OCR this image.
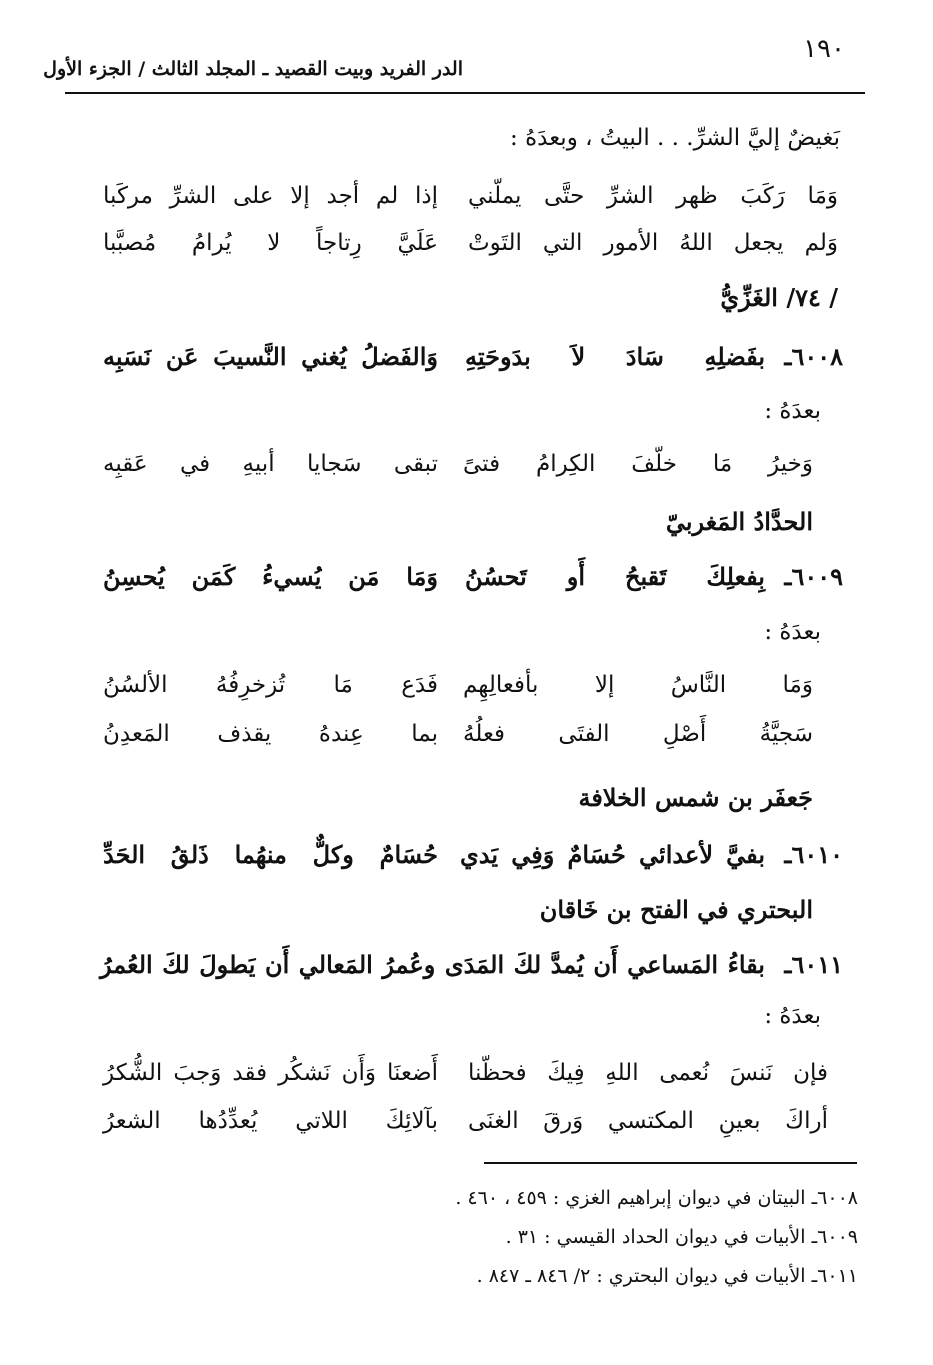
١٩٠
الدر الفريد وبيت القصيد ـ المجلد الثالث / الجزء الأول
بَغيضٌ إليَّ الشرِّ. . . البيتُ ، وبعدَهُ :
وَمَا رَكَبَ ظهر الشرِّ حتَّى يملّني
إذا لم أجد إلا على الشرِّ مركَبا
وَلم يجعل اللهُ الأمور التي التَوتْ
عَلَيَّ رِتاجاً لا يُرامُ مُصبَّبا
/ ٧٤/ الغَزِّيُّ
٦٠٠٨ـ
بفَضلِهِ سَادَ لاَ بدَوحَتِهِ
وَالفَضلُ يُغني النَّسيبَ عَن نَسَبِه
بعدَهُ :
وَخيرُ مَا خلّفَ الكِرامُ فتىً
تبقى سَجايا أبيهِ في عَقبِه
الحدَّادُ المَغربيّ
٦٠٠٩ـ
بِفعلِكَ تَقبحُ أَو تَحسُنُ
وَمَا مَن يُسيءُ كَمَن يُحسِنُ
بعدَهُ :
وَمَا النَّاسُ إلا بأفعالِهِم
فَدَع مَا تُزخرِفُهُ الألسُنُ
سَجيَّةُ أَصْلِ الفتَى فعلُهُ
بما عِندهُ يقذف المَعدِنُ
جَعفَر بن شمس الخلافة
٦٠١٠ـ
بفيَّ لأعدائي حُسَامٌ وَفِي يَدي
حُسَامٌ وكلٌّ منهُما ذَلقُ الحَدِّ
البحتري في الفتح بن خَاقان
٦٠١١ـ
بقاءُ المَساعي أَن يُمدَّ لكَ المَدَى وعُمرُ المَعالي أَن يَطولَ لكَ العُمرُ
بعدَهُ :
فإن نَنسَ نُعمى اللهِ فِيكَ فحظّنا
أَضعنَا وَأَن نَشكُر فقد وَجبَ الشُّكرُ
أراكَ بعينِ المكتسي وَرقَ الغنَى
بآلائِكَ اللاتي يُعدِّدُها الشعرُ
٦٠٠٨ـ البيتان في ديوان إبراهيم الغزي : ٤٥٩ ، ٤٦٠ .
٦٠٠٩ـ الأبيات في ديوان الحداد القيسي : ٣١ .
٦٠١١ـ الأبيات في ديوان البحتري : ٢/ ٨٤٦ ـ ٨٤٧ .
